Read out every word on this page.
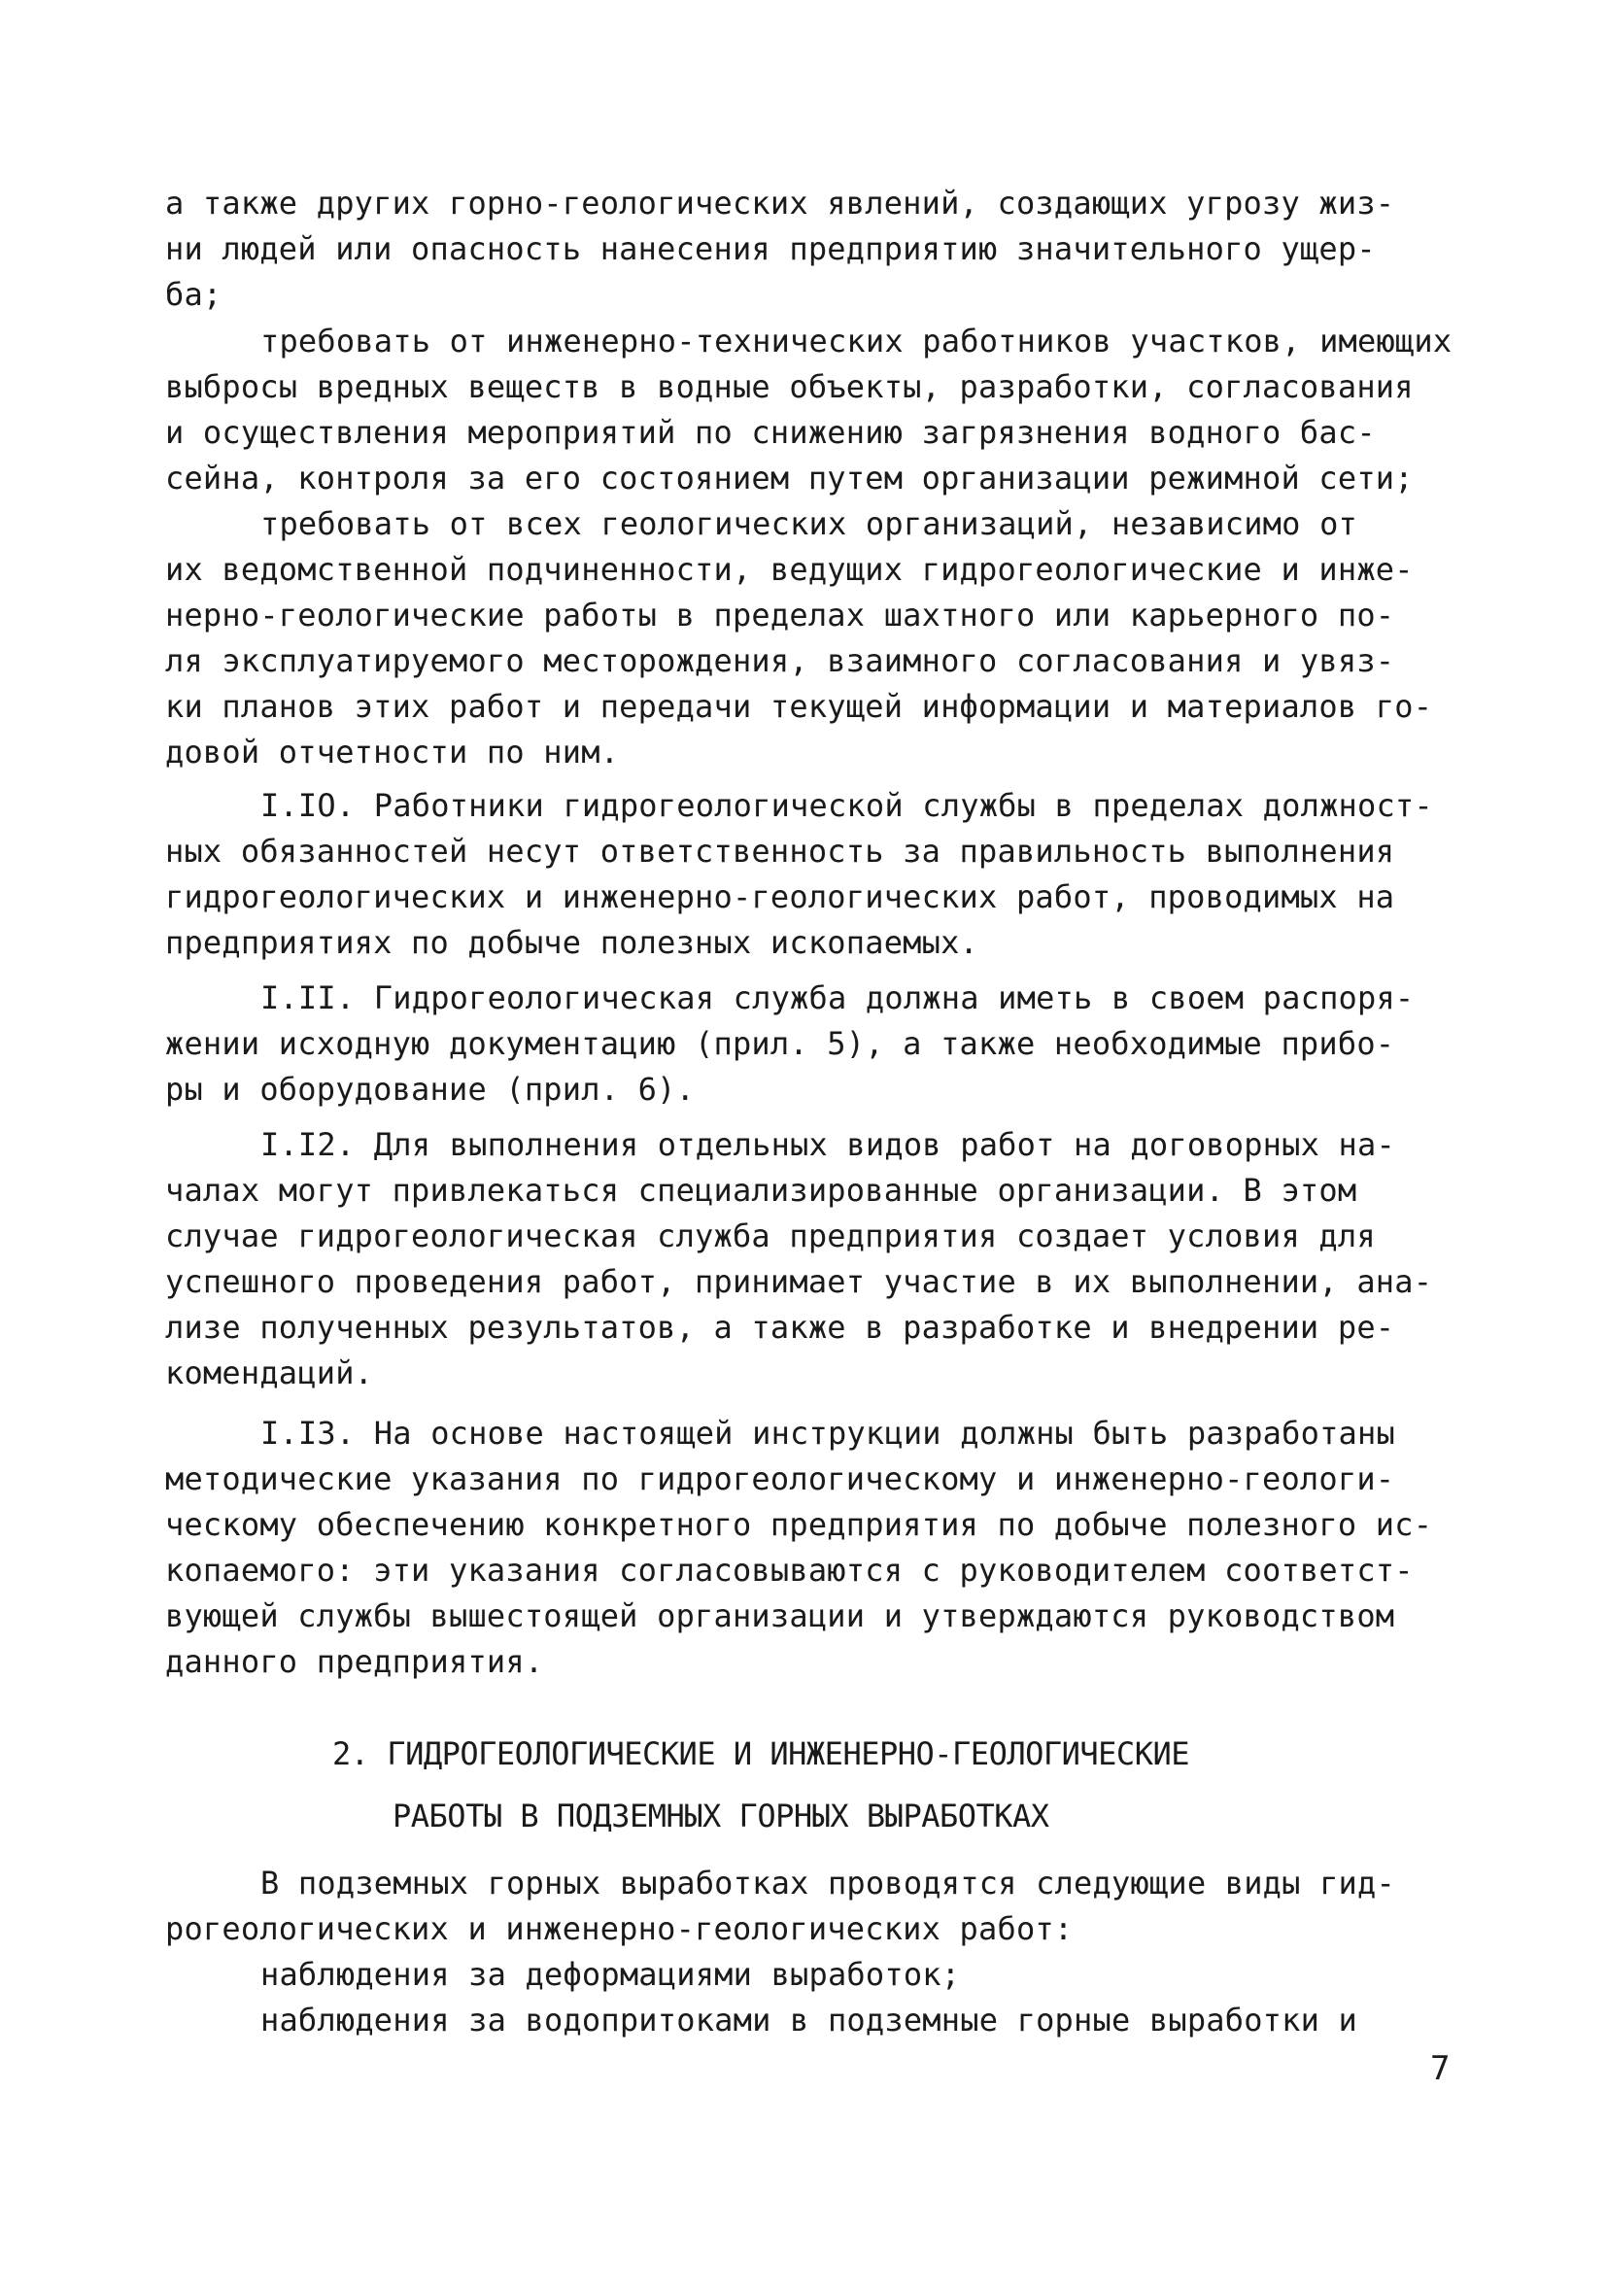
а также других горно-геологических явлений, создающих угрозу жиз-
ни людей или опасность нанесения предприятию значительного ущер-
ба;
требовать от инженерно-технических работников участков, имеющих
выбросы вредных веществ в водные объекты, разработки, согласования
и осуществления мероприятий по снижению загрязнения водного бас-
сейна, контроля за его состоянием путем организации режимной сети;
требовать от всех геологических организаций, независимо от
их ведомственной подчиненности, ведущих гидрогеологические и инже-
нерно-геологические работы в пределах шахтного или карьерного по-
ля эксплуатируемого месторождения, взаимного согласования и увяз-
ки планов этих работ и передачи текущей информации и материалов го-
довой отчетности по ним.
I.IO. Работники гидрогеологической службы в пределах должност-
ных обязанностей несут ответственность за правильность выполнения
гидрогеологических и инженерно-геологических работ, проводимых на
предприятиях по добыче полезных ископаемых.
I.II. Гидрогеологическая служба должна иметь в своем распоря-
жении исходную документацию (прил. 5), а также необходимые прибо-
ры и оборудование (прил. 6).
I.I2. Для выполнения отдельных видов работ на договорных на-
чалах могут привлекаться специализированные организации. В этом
случае гидрогеологическая служба предприятия создает условия для
успешного проведения работ, принимает участие в их выполнении, ана-
лизе полученных результатов, а также в разработке и внедрении ре-
комендаций.
I.I3. На основе настоящей инструкции должны быть разработаны
методические указания по гидрогеологическому и инженерно-геологи-
ческому обеспечению конкретного предприятия по добыче полезного ис-
копаемого: эти указания согласовываются с руководителем соответст-
вующей службы вышестоящей организации и утверждаются руководством
данного предприятия.
2. ГИДРОГЕОЛОГИЧЕСКИЕ И ИНЖЕНЕРНО-ГЕОЛОГИЧЕСКИЕ
РАБОТЫ В ПОДЗЕМНЫХ ГОРНЫХ ВЫРАБОТКАХ
В подземных горных выработках проводятся следующие виды гид-
рогеологических и инженерно-геологических работ:
наблюдения за деформациями выработок;
наблюдения за водопритоками в подземные горные выработки и
7
